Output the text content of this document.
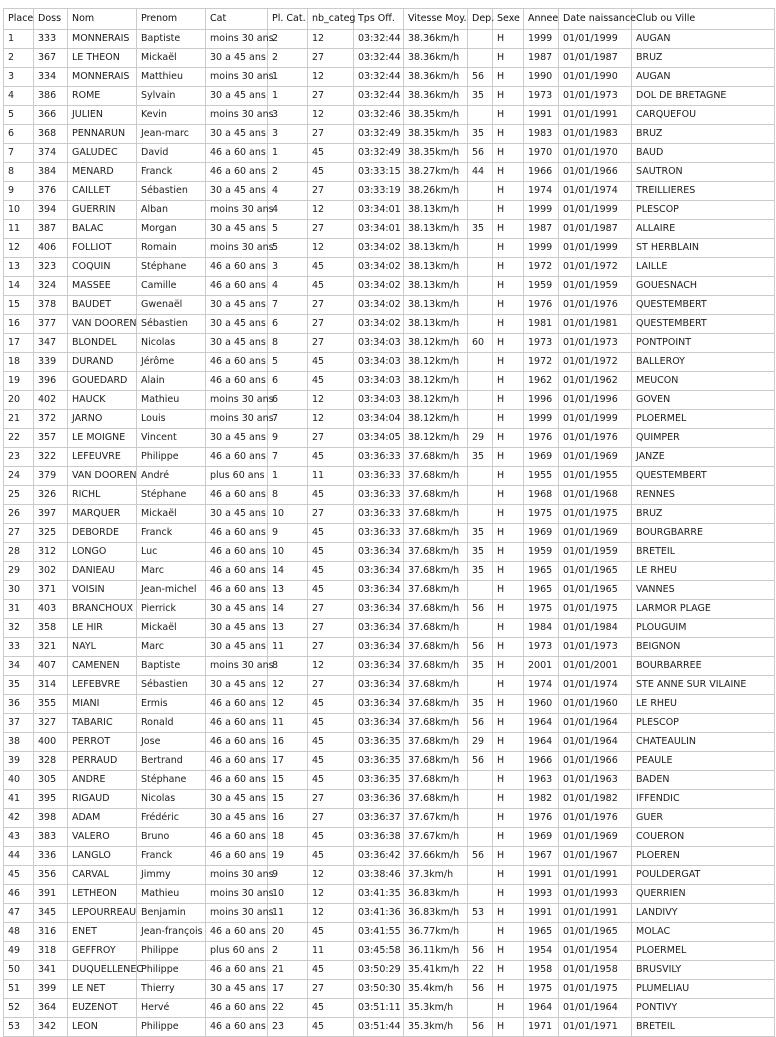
Place	Doss	Nom	Prenom	Cat	Pl. Cat.	nb_categ	Tps Off.	Vitesse Moy.	Dep.	Sexe	Annee	Date naissance	Club ou Ville
1	333	MONNERAIS	Baptiste	moins 30 ans	2	12	03:32:44	38.36km/h		H	1999	01/01/1999	AUGAN
2	367	LE THEON	Mickaël	30 a 45 ans	2	27	03:32:44	38.36km/h		H	1987	01/01/1987	BRUZ
3	334	MONNERAIS	Matthieu	moins 30 ans	1	12	03:32:44	38.36km/h	56	H	1990	01/01/1990	AUGAN
4	386	ROME	Sylvain	30 a 45 ans	1	27	03:32:44	38.36km/h	35	H	1973	01/01/1973	DOL DE BRETAGNE
5	366	JULIEN	Kevin	moins 30 ans	3	12	03:32:46	38.35km/h		H	1991	01/01/1991	CARQUEFOU
6	368	PENNARUN	Jean-marc	30 a 45 ans	3	27	03:32:49	38.35km/h	35	H	1983	01/01/1983	BRUZ
7	374	GALUDEC	David	46 a 60 ans	1	45	03:32:49	38.35km/h	56	H	1970	01/01/1970	BAUD
8	384	MENARD	Franck	46 a 60 ans	2	45	03:33:15	38.27km/h	44	H	1966	01/01/1966	SAUTRON
9	376	CAILLET	Sébastien	30 a 45 ans	4	27	03:33:19	38.26km/h		H	1974	01/01/1974	TREILLIERES
10	394	GUERRIN	Alban	moins 30 ans	4	12	03:34:01	38.13km/h		H	1999	01/01/1999	PLESCOP
11	387	BALAC	Morgan	30 a 45 ans	5	27	03:34:01	38.13km/h	35	H	1987	01/01/1987	ALLAIRE
12	406	FOLLIOT	Romain	moins 30 ans	5	12	03:34:02	38.13km/h		H	1999	01/01/1999	ST HERBLAIN
13	323	COQUIN	Stéphane	46 a 60 ans	3	45	03:34:02	38.13km/h		H	1972	01/01/1972	LAILLE
14	324	MASSEE	Camille	46 a 60 ans	4	45	03:34:02	38.13km/h		H	1959	01/01/1959	GOUESNACH
15	378	BAUDET	Gwenaël	30 a 45 ans	7	27	03:34:02	38.13km/h		H	1976	01/01/1976	QUESTEMBERT
16	377	VAN DOOREN	Sébastien	30 a 45 ans	6	27	03:34:02	38.13km/h		H	1981	01/01/1981	QUESTEMBERT
17	347	BLONDEL	Nicolas	30 a 45 ans	8	27	03:34:03	38.12km/h	60	H	1973	01/01/1973	PONTPOINT
18	339	DURAND	Jérôme	46 a 60 ans	5	45	03:34:03	38.12km/h		H	1972	01/01/1972	BALLEROY
19	396	GOUEDARD	Alain	46 a 60 ans	6	45	03:34:03	38.12km/h		H	1962	01/01/1962	MEUCON
20	402	HAUCK	Mathieu	moins 30 ans	6	12	03:34:03	38.12km/h		H	1996	01/01/1996	GOVEN
21	372	JARNO	Louis	moins 30 ans	7	12	03:34:04	38.12km/h		H	1999	01/01/1999	PLOERMEL
22	357	LE MOIGNE	Vincent	30 a 45 ans	9	27	03:34:05	38.12km/h	29	H	1976	01/01/1976	QUIMPER
23	322	LEFEUVRE	Philippe	46 a 60 ans	7	45	03:36:33	37.68km/h	35	H	1969	01/01/1969	JANZE
24	379	VAN DOOREN	André	plus 60 ans	1	11	03:36:33	37.68km/h		H	1955	01/01/1955	QUESTEMBERT
25	326	RICHL	Stéphane	46 a 60 ans	8	45	03:36:33	37.68km/h		H	1968	01/01/1968	RENNES
26	397	MARQUER	Mickaël	30 a 45 ans	10	27	03:36:33	37.68km/h		H	1975	01/01/1975	BRUZ
27	325	DEBORDE	Franck	46 a 60 ans	9	45	03:36:33	37.68km/h	35	H	1969	01/01/1969	BOURGBARRE
28	312	LONGO	Luc	46 a 60 ans	10	45	03:36:34	37.68km/h	35	H	1959	01/01/1959	BRETEIL
29	302	DANIEAU	Marc	46 a 60 ans	14	45	03:36:34	37.68km/h	35	H	1965	01/01/1965	LE RHEU
30	371	VOISIN	Jean-michel	46 a 60 ans	13	45	03:36:34	37.68km/h		H	1965	01/01/1965	VANNES
31	403	BRANCHOUX	Pierrick	30 a 45 ans	14	27	03:36:34	37.68km/h	56	H	1975	01/01/1975	LARMOR PLAGE
32	358	LE HIR	Mickaël	30 a 45 ans	13	27	03:36:34	37.68km/h		H	1984	01/01/1984	PLOUGUIM
33	321	NAYL	Marc	30 a 45 ans	11	27	03:36:34	37.68km/h	56	H	1973	01/01/1973	BEIGNON
34	407	CAMENEN	Baptiste	moins 30 ans	8	12	03:36:34	37.68km/h	35	H	2001	01/01/2001	BOURBARREE
35	314	LEFEBVRE	Sébastien	30 a 45 ans	12	27	03:36:34	37.68km/h		H	1974	01/01/1974	STE ANNE SUR VILAINE
36	355	MIANI	Ermis	46 a 60 ans	12	45	03:36:34	37.68km/h	35	H	1960	01/01/1960	LE RHEU
37	327	TABARIC	Ronald	46 a 60 ans	11	45	03:36:34	37.68km/h	56	H	1964	01/01/1964	PLESCOP
38	400	PERROT	Jose	46 a 60 ans	16	45	03:36:35	37.68km/h	29	H	1964	01/01/1964	CHATEAULIN
39	328	PERRAUD	Bertrand	46 a 60 ans	17	45	03:36:35	37.68km/h	56	H	1966	01/01/1966	PEAULE
40	305	ANDRE	Stéphane	46 a 60 ans	15	45	03:36:35	37.68km/h		H	1963	01/01/1963	BADEN
41	395	RIGAUD	Nicolas	30 a 45 ans	15	27	03:36:36	37.68km/h		H	1982	01/01/1982	IFFENDIC
42	398	ADAM	Frédéric	30 a 45 ans	16	27	03:36:37	37.67km/h		H	1976	01/01/1976	GUER
43	383	VALERO	Bruno	46 a 60 ans	18	45	03:36:38	37.67km/h		H	1969	01/01/1969	COUERON
44	336	LANGLO	Franck	46 a 60 ans	19	45	03:36:42	37.66km/h	56	H	1967	01/01/1967	PLOEREN
45	356	CARVAL	Jimmy	moins 30 ans	9	12	03:38:46	37.3km/h		H	1991	01/01/1991	POULDERGAT
46	391	LETHEON	Mathieu	moins 30 ans	10	12	03:41:35	36.83km/h		H	1993	01/01/1993	QUERRIEN
47	345	LEPOURREAU	Benjamin	moins 30 ans	11	12	03:41:36	36.83km/h	53	H	1991	01/01/1991	LANDIVY
48	316	ENET	Jean-françois	46 a 60 ans	20	45	03:41:55	36.77km/h		H	1965	01/01/1965	MOLAC
49	318	GEFFROY	Philippe	plus 60 ans	2	11	03:45:58	36.11km/h	56	H	1954	01/01/1954	PLOERMEL
50	341	DUQUELLENEC	Philippe	46 a 60 ans	21	45	03:50:29	35.41km/h	22	H	1958	01/01/1958	BRUSVILY
51	399	LE NET	Thierry	30 a 45 ans	17	27	03:50:30	35.4km/h	56	H	1975	01/01/1975	PLUMELIAU
52	364	EUZENOT	Hervé	46 a 60 ans	22	45	03:51:11	35.3km/h		H	1964	01/01/1964	PONTIVY
53	342	LEON	Philippe	46 a 60 ans	23	45	03:51:44	35.3km/h	56	H	1971	01/01/1971	BRETEIL
